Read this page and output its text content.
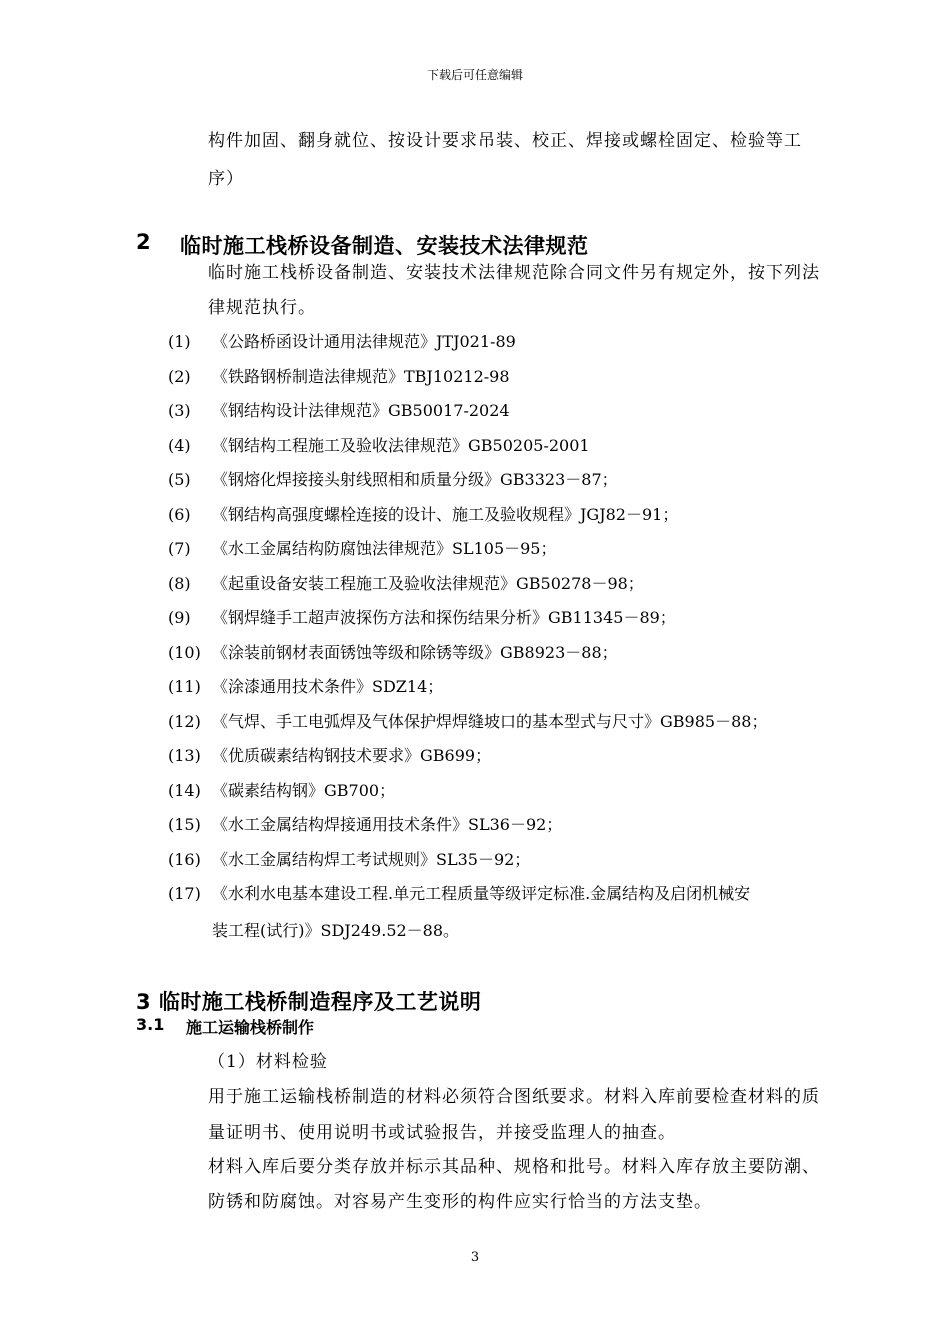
下载后可任意编辑
构件加固、翻身就位、按设计要求吊装、校正、焊接或螺栓固定、检验等工
序）
2 临时施工栈桥设备制造、安装技术法律规范
临时施工栈桥设备制造、安装技术法律规范除合同文件另有规定外，按下列法
律规范执行。
(1) 《公路桥函设计通用法律规范》JTJ021-89
(2) 《铁路钢桥制造法律规范》TBJ10212-98
(3) 《钢结构设计法律规范》GB50017-2024
(4) 《钢结构工程施工及验收法律规范》GB50205-2001
(5) 《钢熔化焊接接头射线照相和质量分级》GB3323－87；
(6) 《钢结构高强度螺栓连接的设计、施工及验收规程》JGJ82－91；
(7) 《水工金属结构防腐蚀法律规范》SL105－95；
(8) 《起重设备安装工程施工及验收法律规范》GB50278－98；
(9) 《钢焊缝手工超声波探伤方法和探伤结果分析》GB11345－89；
(10) 《涂装前钢材表面锈蚀等级和除锈等级》GB8923－88；
(11) 《涂漆通用技术条件》SDZ14；
(12) 《气焊、手工电弧焊及气体保护焊焊缝坡口的基本型式与尺寸》GB985－88；
(13) 《优质碳素结构钢技术要求》GB699；
(14) 《碳素结构钢》GB700；
(15) 《水工金属结构焊接通用技术条件》SL36－92；
(16) 《水工金属结构焊工考试规则》SL35－92；
(17) 《水利水电基本建设工程.单元工程质量等级评定标准.金属结构及启闭机械安
装工程(试行)》SDJ249.52－88。
3 临时施工栈桥制造程序及工艺说明
3.1 施工运输栈桥制作
（1）材料检验
用于施工运输栈桥制造的材料必须符合图纸要求。材料入库前要检查材料的质
量证明书、使用说明书或试验报告，并接受监理人的抽查。
材料入库后要分类存放并标示其品种、规格和批号。材料入库存放主要防潮、
防锈和防腐蚀。对容易产生变形的构件应实行恰当的方法支垫。
3
